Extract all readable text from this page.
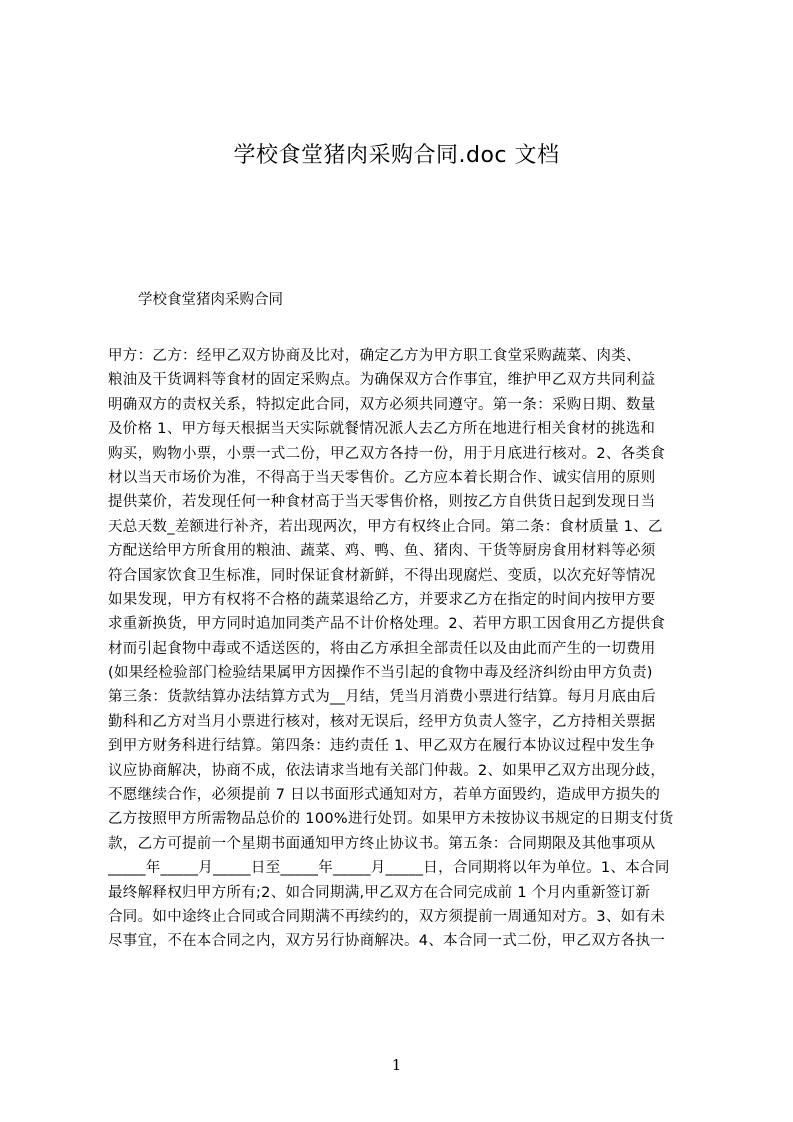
学校食堂猪肉采购合同.doc 文档

学校食堂猪肉采购合同

甲方：乙方：经甲乙双方协商及比对，确定乙方为甲方职工食堂采购蔬菜、肉类、
粮油及干货调料等食材的固定采购点。为确保双方合作事宜，维护甲乙双方共同利益
明确双方的责权关系，特拟定此合同，双方必须共同遵守。第一条：采购日期、数量
及价格 1、甲方每天根据当天实际就餐情况派人去乙方所在地进行相关食材的挑选和
购买，购物小票，小票一式二份，甲乙双方各持一份，用于月底进行核对。2、各类食
材以当天市场价为准，不得高于当天零售价。乙方应本着长期合作、诚实信用的原则
提供菜价，若发现任何一种食材高于当天零售价格，则按乙方自供货日起到发现日当
天总天数_差额进行补齐，若出现两次，甲方有权终止合同。第二条：食材质量 1、乙
方配送给甲方所食用的粮油、蔬菜、鸡、鸭、鱼、猪肉、干货等厨房食用材料等必须
符合国家饮食卫生标准，同时保证食材新鲜，不得出现腐烂、变质，以次充好等情况
如果发现，甲方有权将不合格的蔬菜退给乙方，并要求乙方在指定的时间内按甲方要
求重新换货，甲方同时追加同类产品不计价格处理。2、若甲方职工因食用乙方提供食
材而引起食物中毒或不适送医的，将由乙方承担全部责任以及由此而产生的一切费用
(如果经检验部门检验结果属甲方因操作不当引起的食物中毒及经济纠纷由甲方负责)
第三条：货款结算办法结算方式为__月结，凭当月消费小票进行结算。每月月底由后
勤科和乙方对当月小票进行核对，核对无误后，经甲方负责人签字，乙方持相关票据
到甲方财务科进行结算。第四条：违约责任 1、甲乙双方在履行本协议过程中发生争
议应协商解决，协商不成，依法请求当地有关部门仲裁。2、如果甲乙双方出现分歧，
不愿继续合作，必须提前 7 日以书面形式通知对方，若单方面毁约，造成甲方损失的
乙方按照甲方所需物品总价的 100%进行处罚。如果甲方未按协议书规定的日期支付货
款，乙方可提前一个星期书面通知甲方终止协议书。第五条：合同期限及其他事项从
_____年_____月_____日至_____年_____月_____日，合同期将以年为单位。1、本合同
最终解释权归甲方所有;2、如合同期满,甲乙双方在合同完成前 1 个月内重新签订新
合同。如中途终止合同或合同期满不再续约的，双方须提前一周通知对方。3、如有未
尽事宜，不在本合同之内，双方另行协商解决。4、本合同一式二份，甲乙双方各执一
1
